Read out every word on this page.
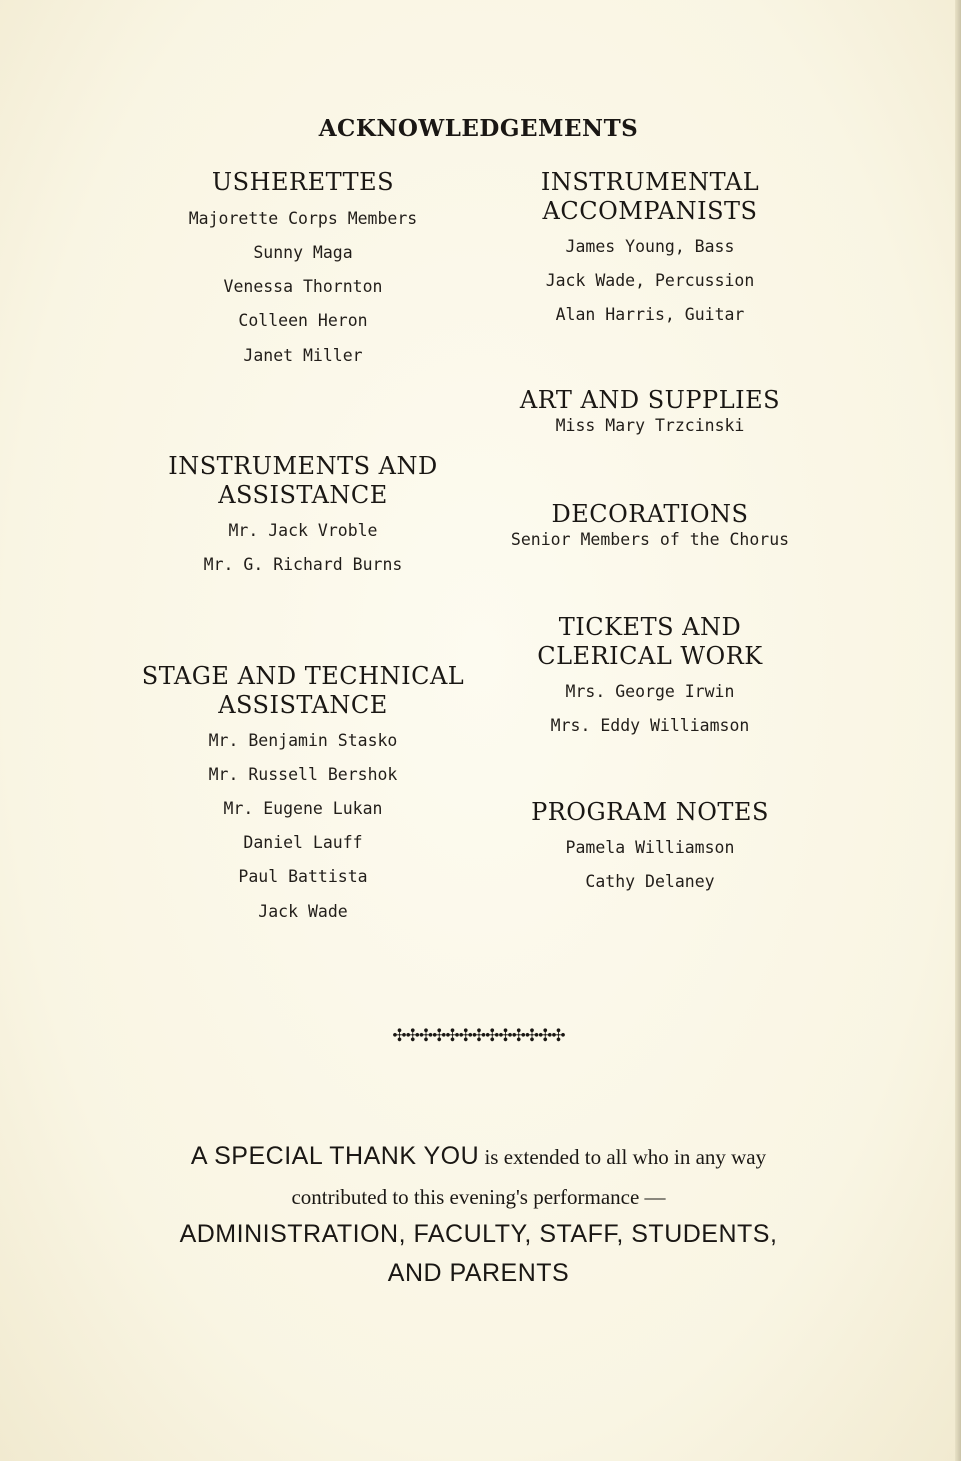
ACKNOWLEDGEMENTS
USHERETTES
Majorette Corps Members
Sunny Maga
Venessa Thornton
Colleen Heron
Janet Miller
INSTRUMENTS AND
ASSISTANCE
Mr. Jack Vroble
Mr. G. Richard Burns
STAGE AND TECHNICAL
ASSISTANCE
Mr. Benjamin Stasko
Mr. Russell Bershok
Mr. Eugene Lukan
Daniel Lauff
Paul Battista
Jack Wade
INSTRUMENTAL
ACCOMPANISTS
James Young, Bass
Jack Wade, Percussion
Alan Harris, Guitar
ART AND SUPPLIES
Miss Mary Trzcinski
DECORATIONS
Senior Members of the Chorus
TICKETS AND
CLERICAL WORK
Mrs. George Irwin
Mrs. Eddy Williamson
PROGRAM NOTES
Pamela Williamson
Cathy Delaney
✣✣✣✣✣✣✣✣✣✣✣✣✣
A SPECIAL THANK YOU is extended to all who in any way
contributed to this evening's performance —
ADMINISTRATION, FACULTY, STAFF, STUDENTS,
AND PARENTS
